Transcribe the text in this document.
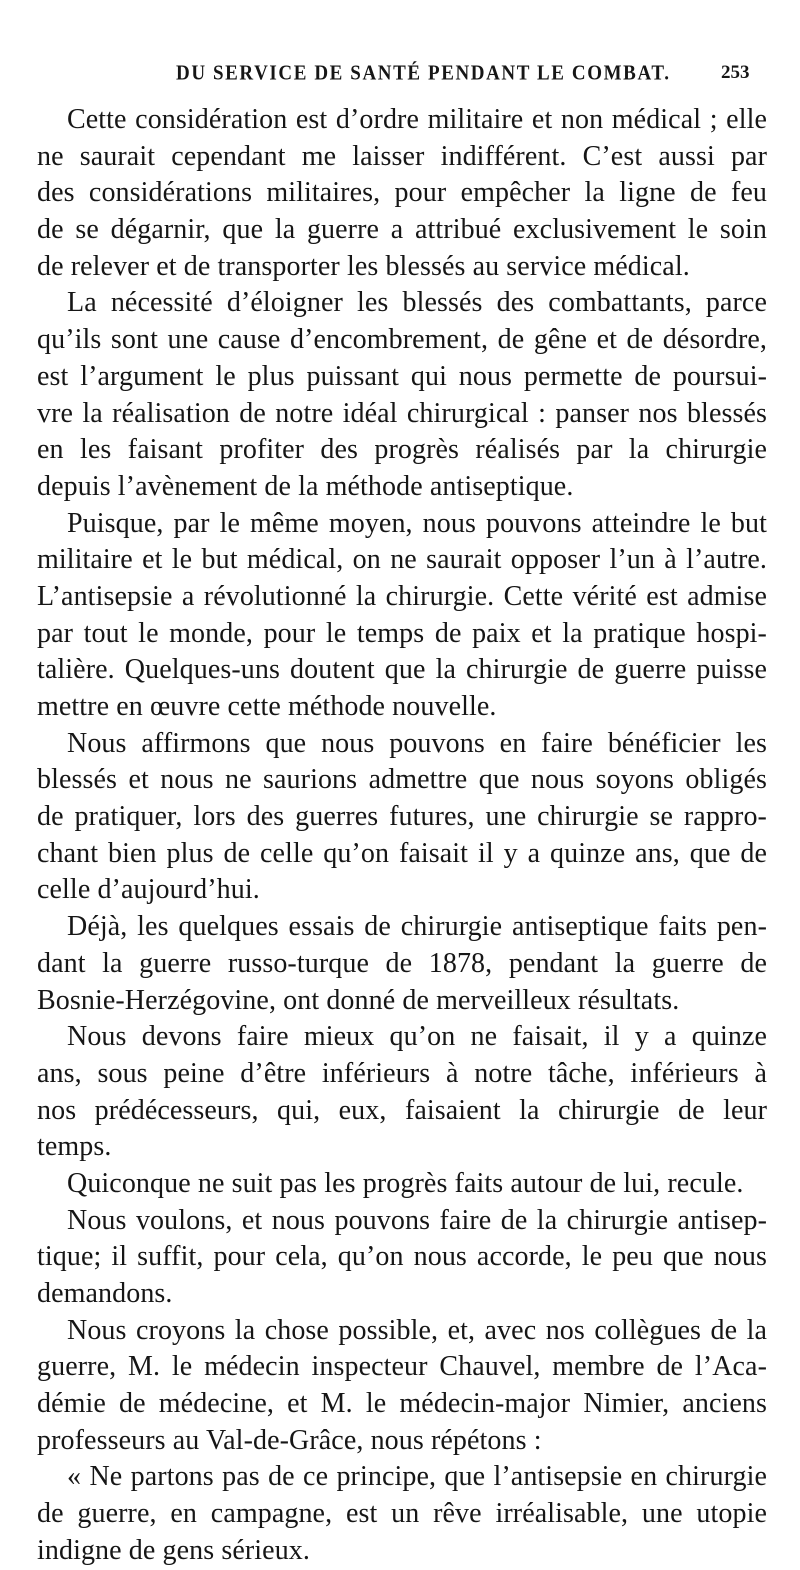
DU SERVICE DE SANTÉ PENDANT LE COMBAT.	253
Cette considération est d’ordre militaire et non médical ; elle
ne saurait cependant me laisser indifférent. C’est aussi par
des considérations militaires, pour empêcher la ligne de feu
de se dégarnir, que la guerre a attribué exclusivement le soin
de relever et de transporter les blessés au service médical.
La nécessité d’éloigner les blessés des combattants, parce
qu’ils sont une cause d’encombrement, de gêne et de désordre,
est l’argument le plus puissant qui nous permette de poursui-
vre la réalisation de notre idéal chirurgical : panser nos blessés
en les faisant profiter des progrès réalisés par la chirurgie
depuis l’avènement de la méthode antiseptique.
Puisque, par le même moyen, nous pouvons atteindre le but
militaire et le but médical, on ne saurait opposer l’un à l’autre.
L’antisepsie a révolutionné la chirurgie. Cette vérité est admise
par tout le monde, pour le temps de paix et la pratique hospi-
talière. Quelques-uns doutent que la chirurgie de guerre puisse
mettre en œuvre cette méthode nouvelle.
Nous affirmons que nous pouvons en faire bénéficier les
blessés et nous ne saurions admettre que nous soyons obligés
de pratiquer, lors des guerres futures, une chirurgie se rappro-
chant bien plus de celle qu’on faisait il y a quinze ans, que de
celle d’aujourd’hui.
Déjà, les quelques essais de chirurgie antiseptique faits pen-
dant la guerre russo-turque de 1878, pendant la guerre de
Bosnie-Herzégovine, ont donné de merveilleux résultats.
Nous devons faire mieux qu’on ne faisait, il y a quinze
ans, sous peine d’être inférieurs à notre tâche, inférieurs à
nos prédécesseurs, qui, eux, faisaient la chirurgie de leur
temps.
Quiconque ne suit pas les progrès faits autour de lui, recule.
Nous voulons, et nous pouvons faire de la chirurgie antisep-
tique; il suffit, pour cela, qu’on nous accorde, le peu que nous
demandons.
Nous croyons la chose possible, et, avec nos collègues de la
guerre, M. le médecin inspecteur Chauvel, membre de l’Aca-
démie de médecine, et M. le médecin-major Nimier, anciens
professeurs au Val-de-Grâce, nous répétons :
« Ne partons pas de ce principe, que l’antisepsie en chirurgie
de guerre, en campagne, est un rêve irréalisable, une utopie
indigne de gens sérieux.
